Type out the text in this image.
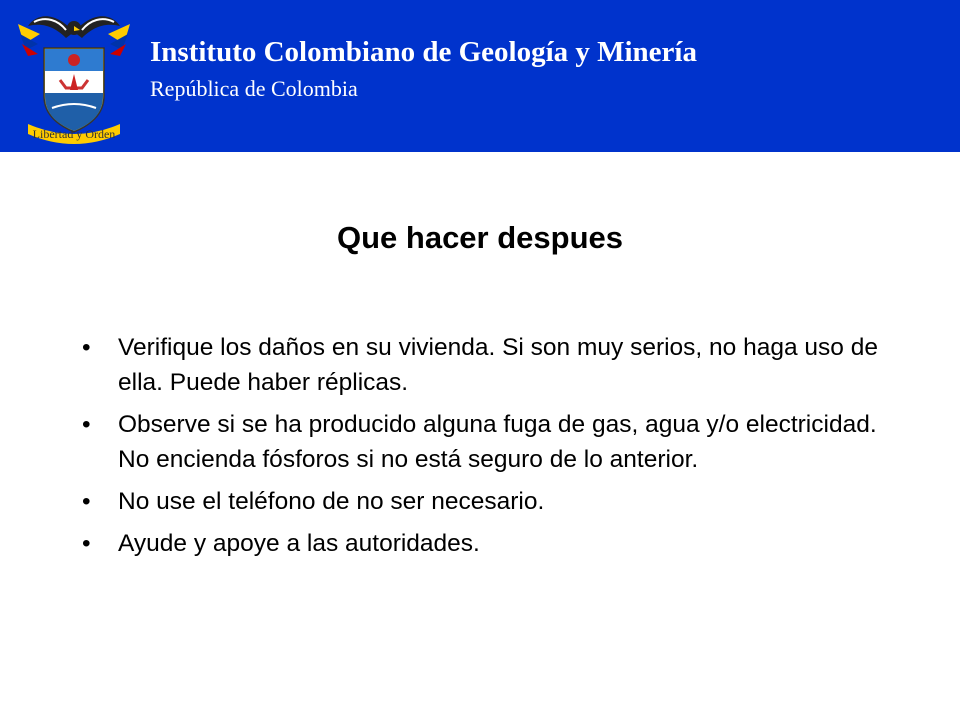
Libertad y Orden
Instituto Colombiano de Geología y Minería
República de Colombia
Que hacer despues
• Verifique los daños en su vivienda. Si son muy serios, no haga uso de ella. Puede haber réplicas.
• Observe si se ha producido alguna fuga de gas, agua y/o electricidad. No encienda fósforos si no está seguro de lo anterior.
• No use el teléfono de no ser necesario.
• Ayude y apoye a las autoridades.
